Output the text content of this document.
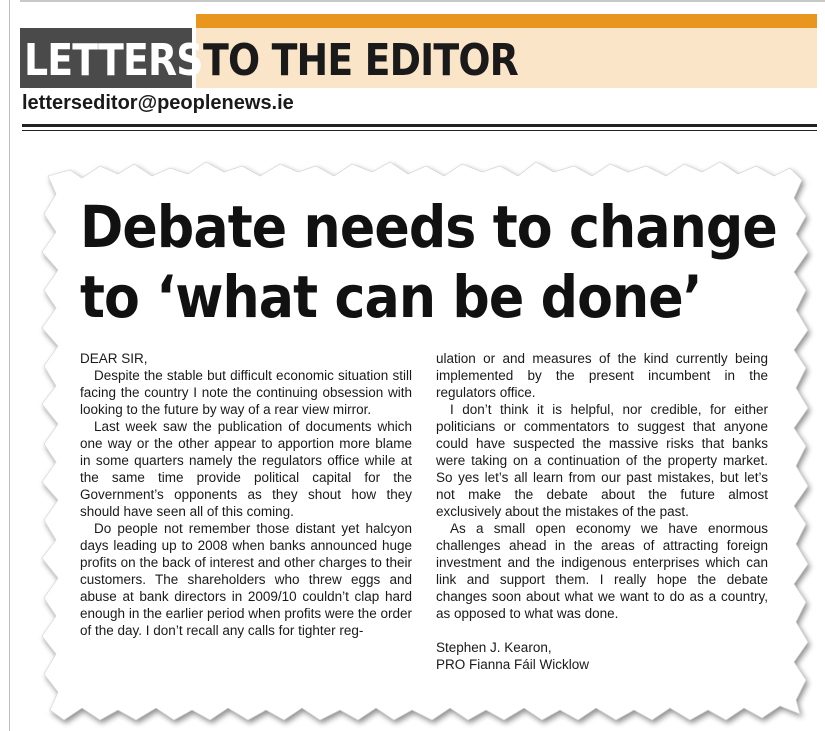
LETTERS TO THE EDITOR
letterseditor@peoplenews.ie
Debate needs to change
to ‘what can be done’

DEAR SIR,

Despite the stable but difficult economic situation still facing the country I note the continuing obsession with looking to the future by way of a rear view mirror.

Last week saw the publication of documents which one way or the other appear to apportion more blame in some quarters namely the regulators office while at the same time provide political capital for the Government’s opponents as they shout how they should have seen all of this coming.

Do people not remember those distant yet halcyon days leading up to 2008 when banks announced huge profits on the back of interest and other charges to their customers. The shareholders who threw eggs and abuse at bank directors in 2009/10 couldn’t clap hard enough in the earlier period when profits were the order of the day. I don’t recall any calls for tighter reg-

ulation or and measures of the kind currently being implemented by the present incumbent in the regulators office.

I don’t think it is helpful, nor credible, for either politicians or commentators to suggest that anyone could have suspected the massive risks that banks were taking on a continuation of the property market. So yes let’s all learn from our past mistakes, but let’s not make the debate about the future almost exclusively about the mistakes of the past.

As a small open economy we have enormous challenges ahead in the areas of attracting foreign investment and the indigenous enterprises which can link and support them. I really hope the debate changes soon about what we want to do as a country, as opposed to what was done.

Stephen J. Kearon,

PRO Fianna Fáil Wicklow
